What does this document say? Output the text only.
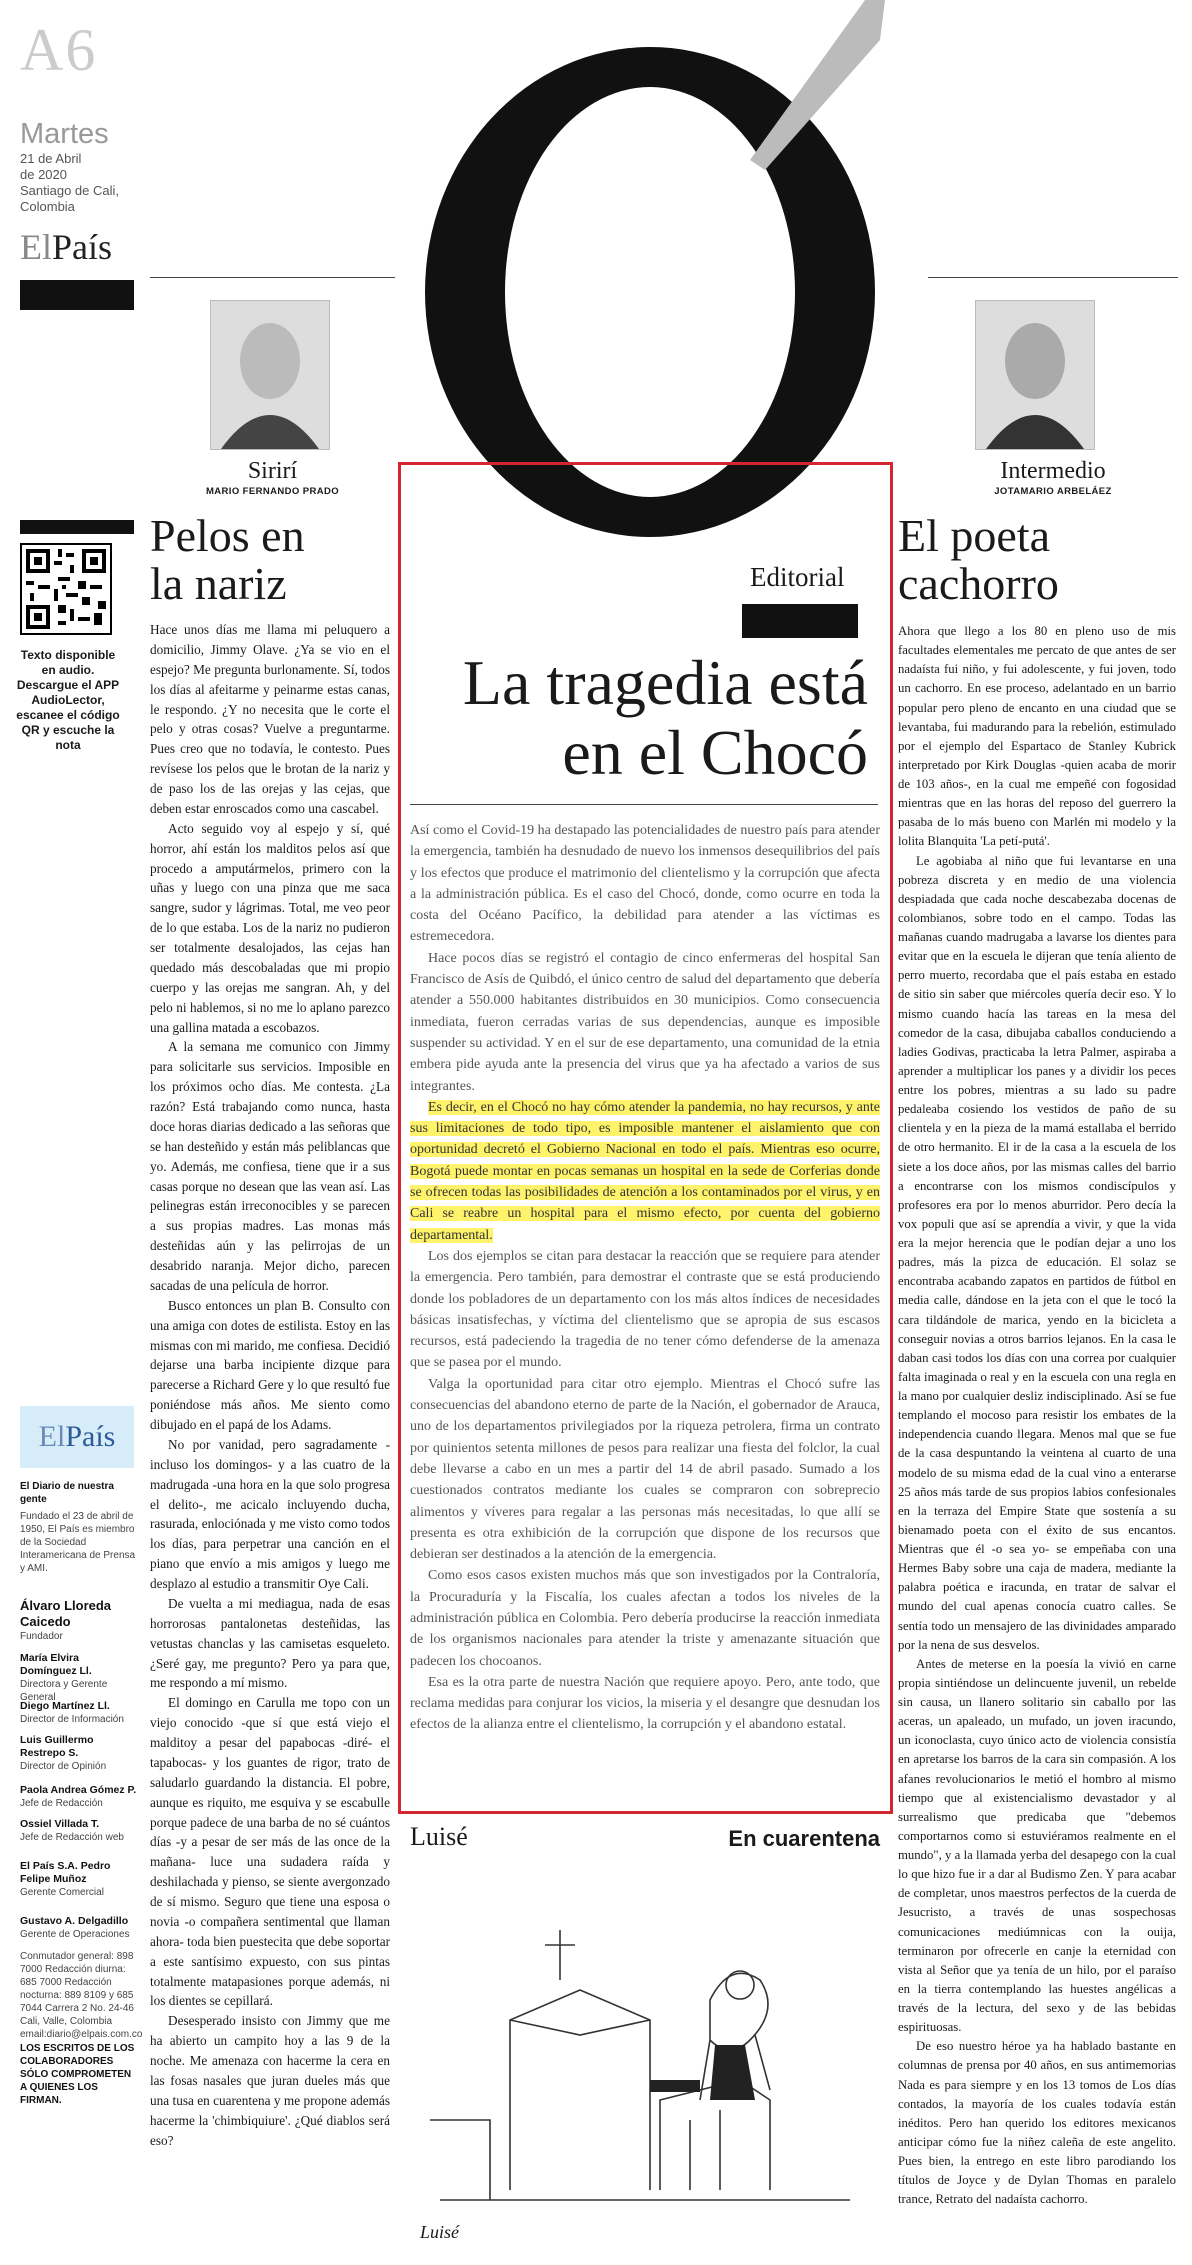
A6
Martes
21 de Abril
de 2020
Santiago de Cali,
Colombia
ElPaís
Texto disponible en audio. Descargue el APP AudioLector, escanee el código QR y escuche la nota
ElPaís
El Diario de nuestra gente
Fundado el 23 de abril de 1950, El País es miembro de la Sociedad Interamericana de Prensa y AMI.
Álvaro Lloreda Caicedo
Fundador
María Elvira Domínguez Ll.
Directora y Gerente General
Diego Martínez Ll.
Director de Información
Luis Guillermo Restrepo S.
Director de Opinión
Paola Andrea Gómez P.
Jefe de Redacción
Ossiel Villada T.
Jefe de Redacción web
El País S.A. Pedro Felipe Muñoz
Gerente Comercial
Gustavo A. Delgadillo
Gerente de Operaciones
Conmutador general: 898 7000 Redacción diurna: 685 7000 Redacción nocturna: 889 8109 y 685 7044 Carrera 2 No. 24-46 Cali, Valle, Colombia email:diario@elpais.com.co
LOS ESCRITOS DE LOS COLABORADORES SÓLO COMPROMETEN A QUIENES LOS FIRMAN.
Sirirí
MARIO FERNANDO PRADO
Pelos en
la nariz

Hace unos días me llama mi peluquero a domicilio, Jimmy Olave. ¿Ya se vio en el espejo? Me pregunta burlonamente. Sí, todos los días al afeitarme y peinarme estas canas, le respondo. ¿Y no necesita que le corte el pelo y otras cosas? Vuelve a preguntarme. Pues creo que no todavía, le contesto. Pues revísese los pelos que le brotan de la nariz y de paso los de las orejas y las cejas, que deben estar enroscados como una cascabel.

Acto seguido voy al espejo y sí, qué horror, ahí están los malditos pelos así que procedo a amputármelos, primero con la uñas y luego con una pinza que me saca sangre, sudor y lágrimas. Total, me veo peor de lo que estaba. Los de la nariz no pudieron ser totalmente desalojados, las cejas han quedado más descobaladas que mi propio cuerpo y las orejas me sangran. Ah, y del pelo ni hablemos, si no me lo aplano parezco una gallina matada a escobazos.

A la semana me comunico con Jimmy para solicitarle sus servicios. Imposible en los próximos ocho días. Me contesta. ¿La razón? Está trabajando como nunca, hasta doce horas diarias dedicado a las señoras que se han desteñido y están más peliblancas que yo. Además, me confiesa, tiene que ir a sus casas porque no desean que las vean así. Las pelinegras están irreconocibles y se parecen a sus propias madres. Las monas más desteñidas aún y las pelirrojas de un desabrido naranja. Mejor dicho, parecen sacadas de una película de horror.

Busco entonces un plan B. Consulto con una amiga con dotes de estilista. Estoy en las mismas con mi marido, me confiesa. Decidió dejarse una barba incipiente dizque para parecerse a Richard Gere y lo que resultó fue poniéndose más años. Me siento como dibujado en el papá de los Adams.

No por vanidad, pero sagradamente -incluso los domingos- y a las cuatro de la madrugada -una hora en la que solo progresa el delito-, me acicalo incluyendo ducha, rasurada, enlociónada y me visto como todos los días, para perpetrar una canción en el piano que envío a mis amigos y luego me desplazo al estudio a transmitir Oye Cali.

De vuelta a mi mediagua, nada de esas horrorosas pantalonetas desteñidas, las vetustas chanclas y las camisetas esqueleto. ¿Seré gay, me pregunto? Pero ya para que, me respondo a mí mismo.

El domingo en Carulla me topo con un viejo conocido -que sí que está viejo el malditoy a pesar del papabocas -diré- el tapabocas- y los guantes de rigor, trato de saludarlo guardando la distancia. El pobre, aunque es riquito, me esquiva y se escabulle porque padece de una barba de no sé cuántos días -y a pesar de ser más de las once de la mañana- luce una sudadera raída y deshilachada y pienso, se siente avergonzado de sí mismo. Seguro que tiene una esposa o novia -o compañera sentimental que llaman ahora- toda bien puestecita que debe soportar a este santísimo expuesto, con sus pintas totalmente matapasiones porque además, ni los dientes se cepillará.

Desesperado insisto con Jimmy que me ha abierto un campito hoy a las 9 de la noche. Me amenaza con hacerme la cera en las fosas nasales que juran dueles más que una tusa en cuarentena y me propone además hacerme la 'chimbiquiure'. ¿Qué diablos será eso?

Editorial
La tragedia está
en el Chocó

Así como el Covid-19 ha destapado las potencialidades de nuestro país para atender la emergencia, también ha desnudado de nuevo los inmensos desequilibrios del país y los efectos que produce el matrimonio del clientelismo y la corrupción que afecta a la administración pública. Es el caso del Chocó, donde, como ocurre en toda la costa del Océano Pacífico, la debilidad para atender a las víctimas es estremecedora.

Hace pocos días se registró el contagio de cinco enfermeras del hospital San Francisco de Asís de Quibdó, el único centro de salud del departamento que debería atender a 550.000 habitantes distribuidos en 30 municipios. Como consecuencia inmediata, fueron cerradas varias de sus dependencias, aunque es imposible suspender su actividad. Y en el sur de ese departamento, una comunidad de la etnia embera pide ayuda ante la presencia del virus que ya ha afectado a varios de sus integrantes.

Es decir, en el Chocó no hay cómo atender la pandemia, no hay recursos, y ante sus limitaciones de todo tipo, es imposible mantener el aislamiento que con oportunidad decretó el Gobierno Nacional en todo el país. Mientras eso ocurre, Bogotá puede montar en pocas semanas un hospital en la sede de Corferias donde se ofrecen todas las posibilidades de atención a los contaminados por el virus, y en Cali se reabre un hospital para el mismo efecto, por cuenta del gobierno departamental.

Los dos ejemplos se citan para destacar la reacción que se requiere para atender la emergencia. Pero también, para demostrar el contraste que se está produciendo donde los pobladores de un departamento con los más altos índices de necesidades básicas insatisfechas, y víctima del clientelismo que se apropia de sus escasos recursos, está padeciendo la tragedia de no tener cómo defenderse de la amenaza que se pasea por el mundo.

Valga la oportunidad para citar otro ejemplo. Mientras el Chocó sufre las consecuencias del abandono eterno de parte de la Nación, el gobernador de Arauca, uno de los departamentos privilegiados por la riqueza petrolera, firma un contrato por quinientos setenta millones de pesos para realizar una fiesta del folclor, la cual debe llevarse a cabo en un mes a partir del 14 de abril pasado. Sumado a los cuestionados contratos mediante los cuales se compraron con sobreprecio alimentos y víveres para regalar a las personas más necesitadas, lo que allí se presenta es otra exhibición de la corrupción que dispone de los recursos que debieran ser destinados a la atención de la emergencia.

Como esos casos existen muchos más que son investigados por la Contraloría, la Procuraduría y la Fiscalía, los cuales afectan a todos los niveles de la administración pública en Colombia. Pero debería producirse la reacción inmediata de los organismos nacionales para atender la triste y amenazante situación que padecen los chocoanos.

Esa es la otra parte de nuestra Nación que requiere apoyo. Pero, ante todo, que reclama medidas para conjurar los vicios, la miseria y el desangre que desnudan los efectos de la alianza entre el clientelismo, la corrupción y el abandono estatal.

Luisé	En cuarentena
Luisé
Intermedio
JOTAMARIO ARBELÁEZ
El poeta
cachorro

Ahora que llego a los 80 en pleno uso de mis facultades elementales me percato de que antes de ser nadaísta fui niño, y fui adolescente, y fui joven, todo un cachorro. En ese proceso, adelantado en un barrio popular pero pleno de encanto en una ciudad que se levantaba, fui madurando para la rebelión, estimulado por el ejemplo del Espartaco de Stanley Kubrick interpretado por Kirk Douglas -quien acaba de morir de 103 años-, en la cual me empeñé con fogosidad mientras que en las horas del reposo del guerrero la pasaba de lo más bueno con Marlén mi modelo y la lolita Blanquita 'La petí-putá'.

Le agobiaba al niño que fui levantarse en una pobreza discreta y en medio de una violencia despiadada que cada noche descabezaba docenas de colombianos, sobre todo en el campo. Todas las mañanas cuando madrugaba a lavarse los dientes para evitar que en la escuela le dijeran que tenía aliento de perro muerto, recordaba que el país estaba en estado de sitio sin saber que miércoles quería decir eso. Y lo mismo cuando hacía las tareas en la mesa del comedor de la casa, dibujaba caballos conduciendo a ladies Godivas, practicaba la letra Palmer, aspiraba a aprender a multiplicar los panes y a dividir los peces entre los pobres, mientras a su lado su padre pedaleaba cosiendo los vestidos de paño de su clientela y en la pieza de la mamá estallaba el berrido de otro hermanito. El ir de la casa a la escuela de los siete a los doce años, por las mismas calles del barrio a encontrarse con los mismos condiscípulos y profesores era por lo menos aburridor. Pero decía la vox populi que así se aprendía a vivir, y que la vida era la mejor herencia que le podían dejar a uno los padres, más la pizca de educación. El solaz se encontraba acabando zapatos en partidos de fútbol en media calle, dándose en la jeta con el que le tocó la cara tildándole de marica, yendo en la bicicleta a conseguir novias a otros barrios lejanos. En la casa le daban casi todos los días con una correa por cualquier falta imaginada o real y en la escuela con una regla en la mano por cualquier desliz indisciplinado. Así se fue templando el mocoso para resistir los embates de la independencia cuando llegara. Menos mal que se fue de la casa despuntando la veintena al cuarto de una modelo de su misma edad de la cual vino a enterarse 25 años más tarde de sus propios labios confesionales en la terraza del Empire State que sostenía a su bienamado poeta con el éxito de sus encantos. Mientras que él -o sea yo- se empeñaba con una Hermes Baby sobre una caja de madera, mediante la palabra poética e iracunda, en tratar de salvar el mundo del cual apenas conocía cuatro calles. Se sentía todo un mensajero de las divinidades amparado por la nena de sus desvelos.

Antes de meterse en la poesía la vivió en carne propia sintiéndose un delincuente juvenil, un rebelde sin causa, un llanero solitario sin caballo por las aceras, un apaleado, un mufado, un joven iracundo, un iconoclasta, cuyo único acto de violencia consistía en apretarse los barros de la cara sin compasión. A los afanes revolucionarios le metió el hombro al mismo tiempo que al existencialismo devastador y al surrealismo que predicaba que "debemos comportarnos como si estuviéramos realmente en el mundo", y a la llamada yerba del desapego con la cual lo que hizo fue ir a dar al Budismo Zen. Y para acabar de completar, unos maestros perfectos de la cuerda de Jesucristo, a través de unas sospechosas comunicaciones mediúmnicas con la ouija, terminaron por ofrecerle en canje la eternidad con vista al Señor que ya tenía de un hilo, por el paraíso en la tierra contemplando las huestes angélicas a través de la lectura, del sexo y de las bebidas espirituosas.

De eso nuestro héroe ya ha hablado bastante en columnas de prensa por 40 años, en sus antimemorias Nada es para siempre y en los 13 tomos de Los días contados, la mayoría de los cuales todavía están inéditos. Pero han querido los editores mexicanos anticipar cómo fue la niñez caleña de este angelito. Pues bien, la entrego en este libro parodiando los títulos de Joyce y de Dylan Thomas en paralelo trance, Retrato del nadaísta cachorro.
